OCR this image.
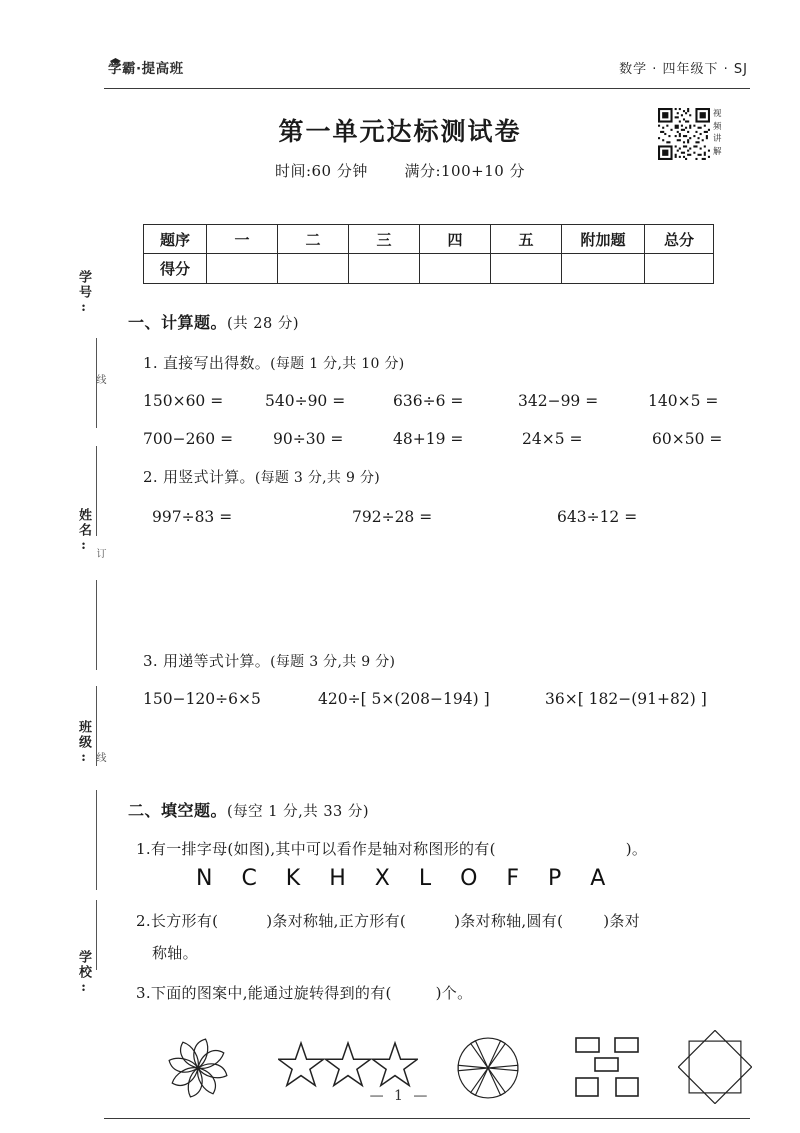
学霸·提高班	数学 · 四年级下 · SJ
第一单元达标测试卷
时间:60 分钟 满分:100+10 分
视频讲解
题序	一	二	三	四	五	附加题	总分
得分							
学号:
线
姓名: 订
班级: 线
学校:
一、计算题。(共 28 分)
1. 直接写出得数。(每题 1 分,共 10 分)
150×60 =	540÷90 =	636÷6 =	342−99 =	140×5 =
700−260 =	90÷30 =	48+19 =	24×5 =	60×50 =
2. 用竖式计算。(每题 3 分,共 9 分)
997÷83 =	792÷28 =	643÷12 =
3. 用递等式计算。(每题 3 分,共 9 分)
150−120÷6×5	420÷[ 5×(208−194) ]	36×[ 182−(91+82) ]
二、填空题。(每空 1 分,共 33 分)
1.有一排字母(如图),其中可以看作是轴对称图形的有(	)。
N C K H X L O F P A
2.长方形有(	)条对称轴,正方形有(	)条对称轴,圆有(	)条对
称轴。
3.下面的图案中,能通过旋转得到的有(	)个。
— 1 —
